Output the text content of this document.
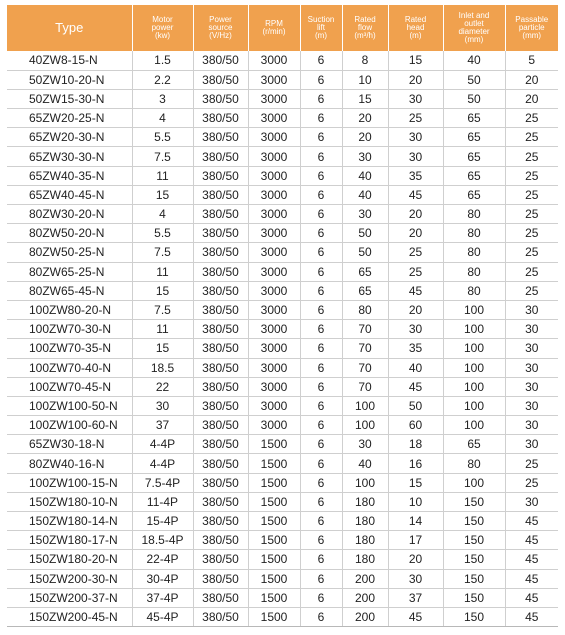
Type	Motor
power
(kw)	Power
source
(V/Hz)	RPM
(r/min)	Suction
lift
(m)	Rated
flow
(m³/h)	Rated
head
(m)	Inlet and
outlet
diameter
(mm)	Passable
particle
(mm)

40ZW8-15-N	1.5	380/50	3000	6	8	15	40	5
50ZW10-20-N	2.2	380/50	3000	6	10	20	50	20
50ZW15-30-N	3	380/50	3000	6	15	30	50	20
65ZW20-25-N	4	380/50	3000	6	20	25	65	25
65ZW20-30-N	5.5	380/50	3000	6	20	30	65	25
65ZW30-30-N	7.5	380/50	3000	6	30	30	65	25
65ZW40-35-N	11	380/50	3000	6	40	35	65	25
65ZW40-45-N	15	380/50	3000	6	40	45	65	25
80ZW30-20-N	4	380/50	3000	6	30	20	80	25
80ZW50-20-N	5.5	380/50	3000	6	50	20	80	25
80ZW50-25-N	7.5	380/50	3000	6	50	25	80	25
80ZW65-25-N	11	380/50	3000	6	65	25	80	25
80ZW65-45-N	15	380/50	3000	6	65	45	80	25
100ZW80-20-N	7.5	380/50	3000	6	80	20	100	30
100ZW70-30-N	11	380/50	3000	6	70	30	100	30
100ZW70-35-N	15	380/50	3000	6	70	35	100	30
100ZW70-40-N	18.5	380/50	3000	6	70	40	100	30
100ZW70-45-N	22	380/50	3000	6	70	45	100	30
100ZW100-50-N	30	380/50	3000	6	100	50	100	30
100ZW100-60-N	37	380/50	3000	6	100	60	100	30
65ZW30-18-N	4-4P	380/50	1500	6	30	18	65	30
80ZW40-16-N	4-4P	380/50	1500	6	40	16	80	25
100ZW100-15-N	7.5-4P	380/50	1500	6	100	15	100	25
150ZW180-10-N	11-4P	380/50	1500	6	180	10	150	30
150ZW180-14-N	15-4P	380/50	1500	6	180	14	150	45
150ZW180-17-N	18.5-4P	380/50	1500	6	180	17	150	45
150ZW180-20-N	22-4P	380/50	1500	6	180	20	150	45
150ZW200-30-N	30-4P	380/50	1500	6	200	30	150	45
150ZW200-37-N	37-4P	380/50	1500	6	200	37	150	45
150ZW200-45-N	45-4P	380/50	1500	6	200	45	150	45
